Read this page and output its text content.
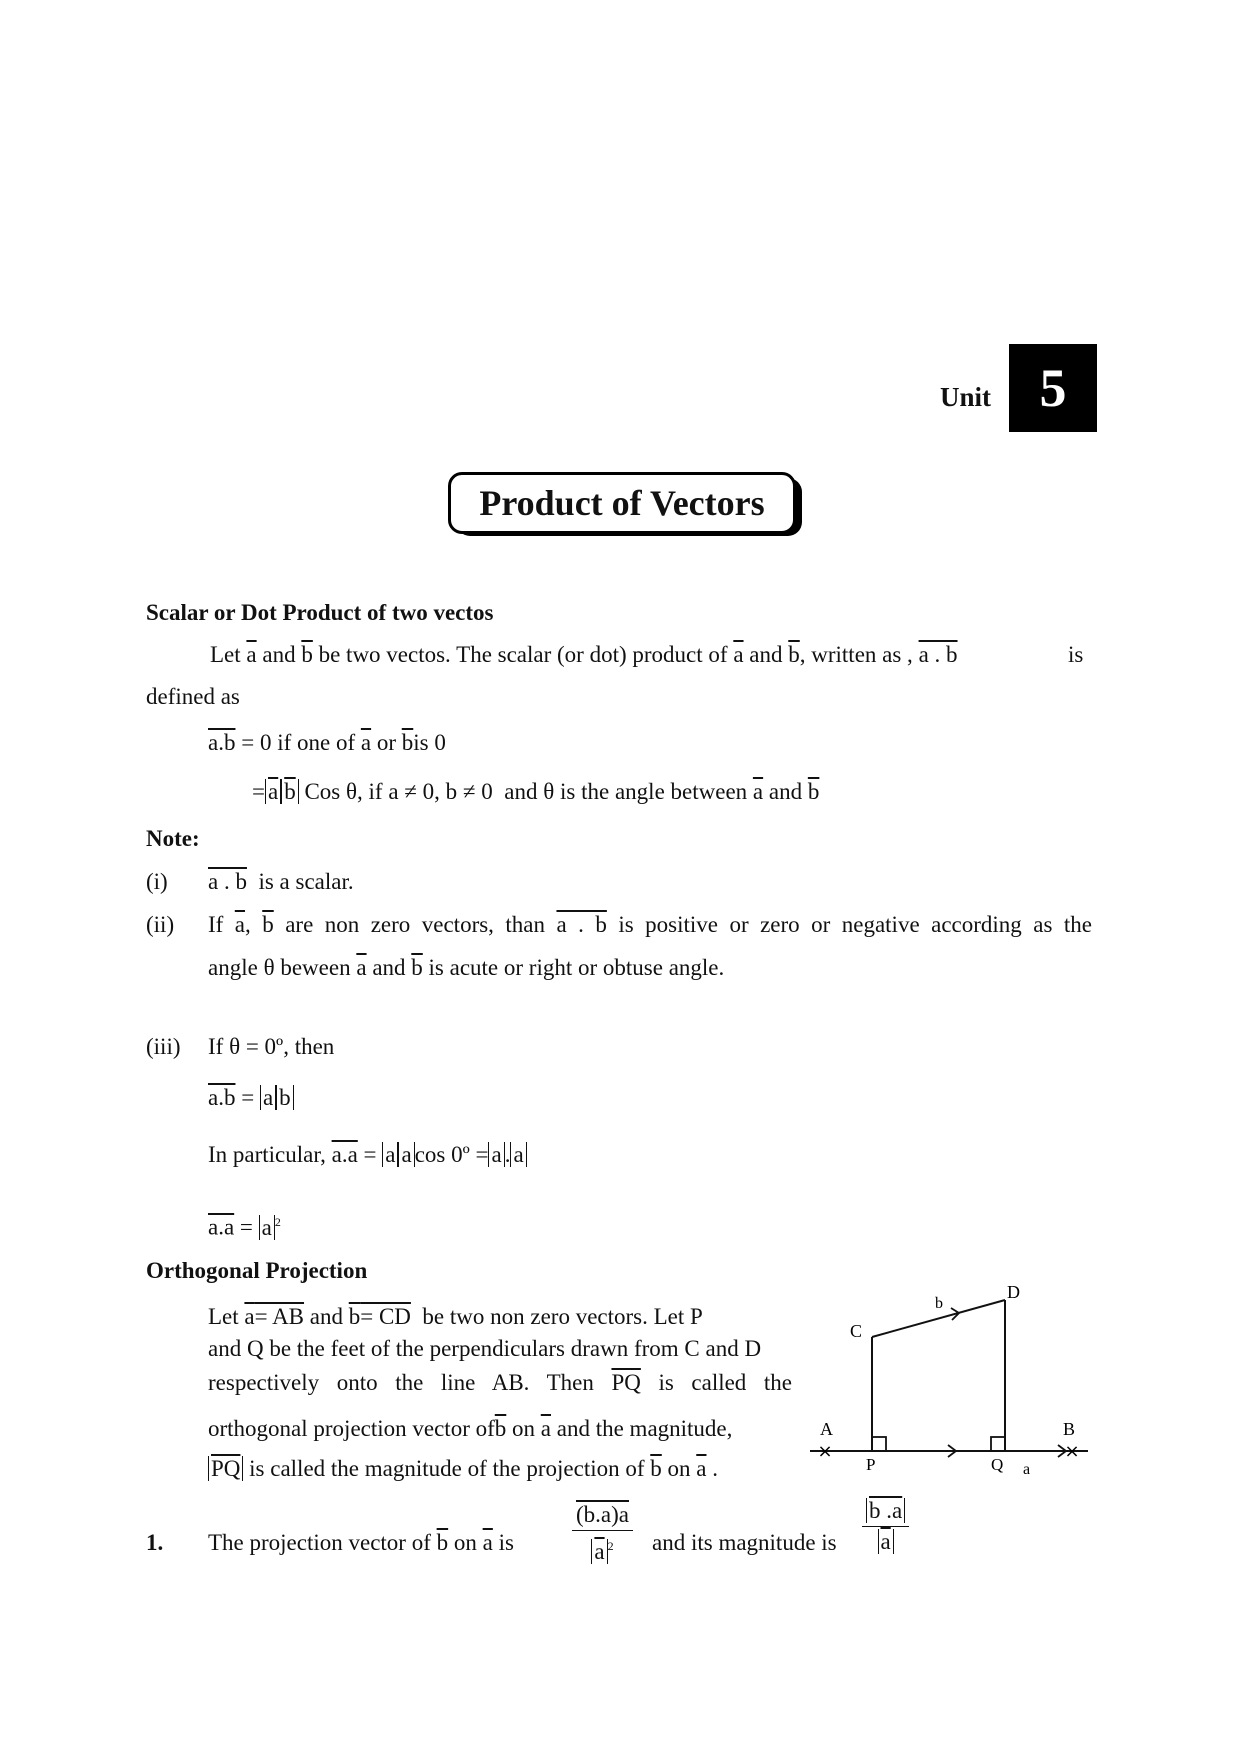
Unit 5
Product of Vectors
Scalar or Dot Product of two vectos
Let $\overline{a}$ and $\overline{b}$ be two vectos. The scalar (or dot) product of $\overline{a}$ and $\overline{b}$, written as , a . b	is
defined as
a.b = 0 if one of $\overline{a}$ or $\overline{b}is$ 0
= $\overline{a}$ $\overline{b}$ Cos θ, if a ≠ 0, b ≠ 0 and θ is the angle between $\overline{a}$ and $\overline{b}$
Note:
(i) a . b is a scalar.
(ii) If $\overline{a}$, $\overline{b}$ are non zero vectors, than a . b is positive or zero or negative according as the
angle θ beween $\overline{a}$ and $\overline{b}$ is acute or right or obtuse angle.
(iii) If θ = 0º, then
a.b = a b
In particular, a.a = a a cos 0º = a . a
a.a = a $^2$
Orthogonal Projection
Let $\overline{a}=$ AB and $\overline{b}=$ CD be two non zero vectors. Let P
and Q be the feet of the perpendiculars drawn from C and D
respectively onto the line AB. Then $\overline{PQ}$ is called the
orthogonal projection vector $of\overline{b}$ on $\overline{a}$ and the magnitude,
$\overline{PQ}$ is called the magnitude of the projection of $\overline{b}$ on $\overline{a}$ .
×	×
A	B
C
D
P	Q a
b
1. The projection vector of $\overline{b}$ on $\overline{a}$ is	$\frac{(b.a)a}{\overline{a} ^2}$ and its magnitude is $\frac{b .a}{a}$
